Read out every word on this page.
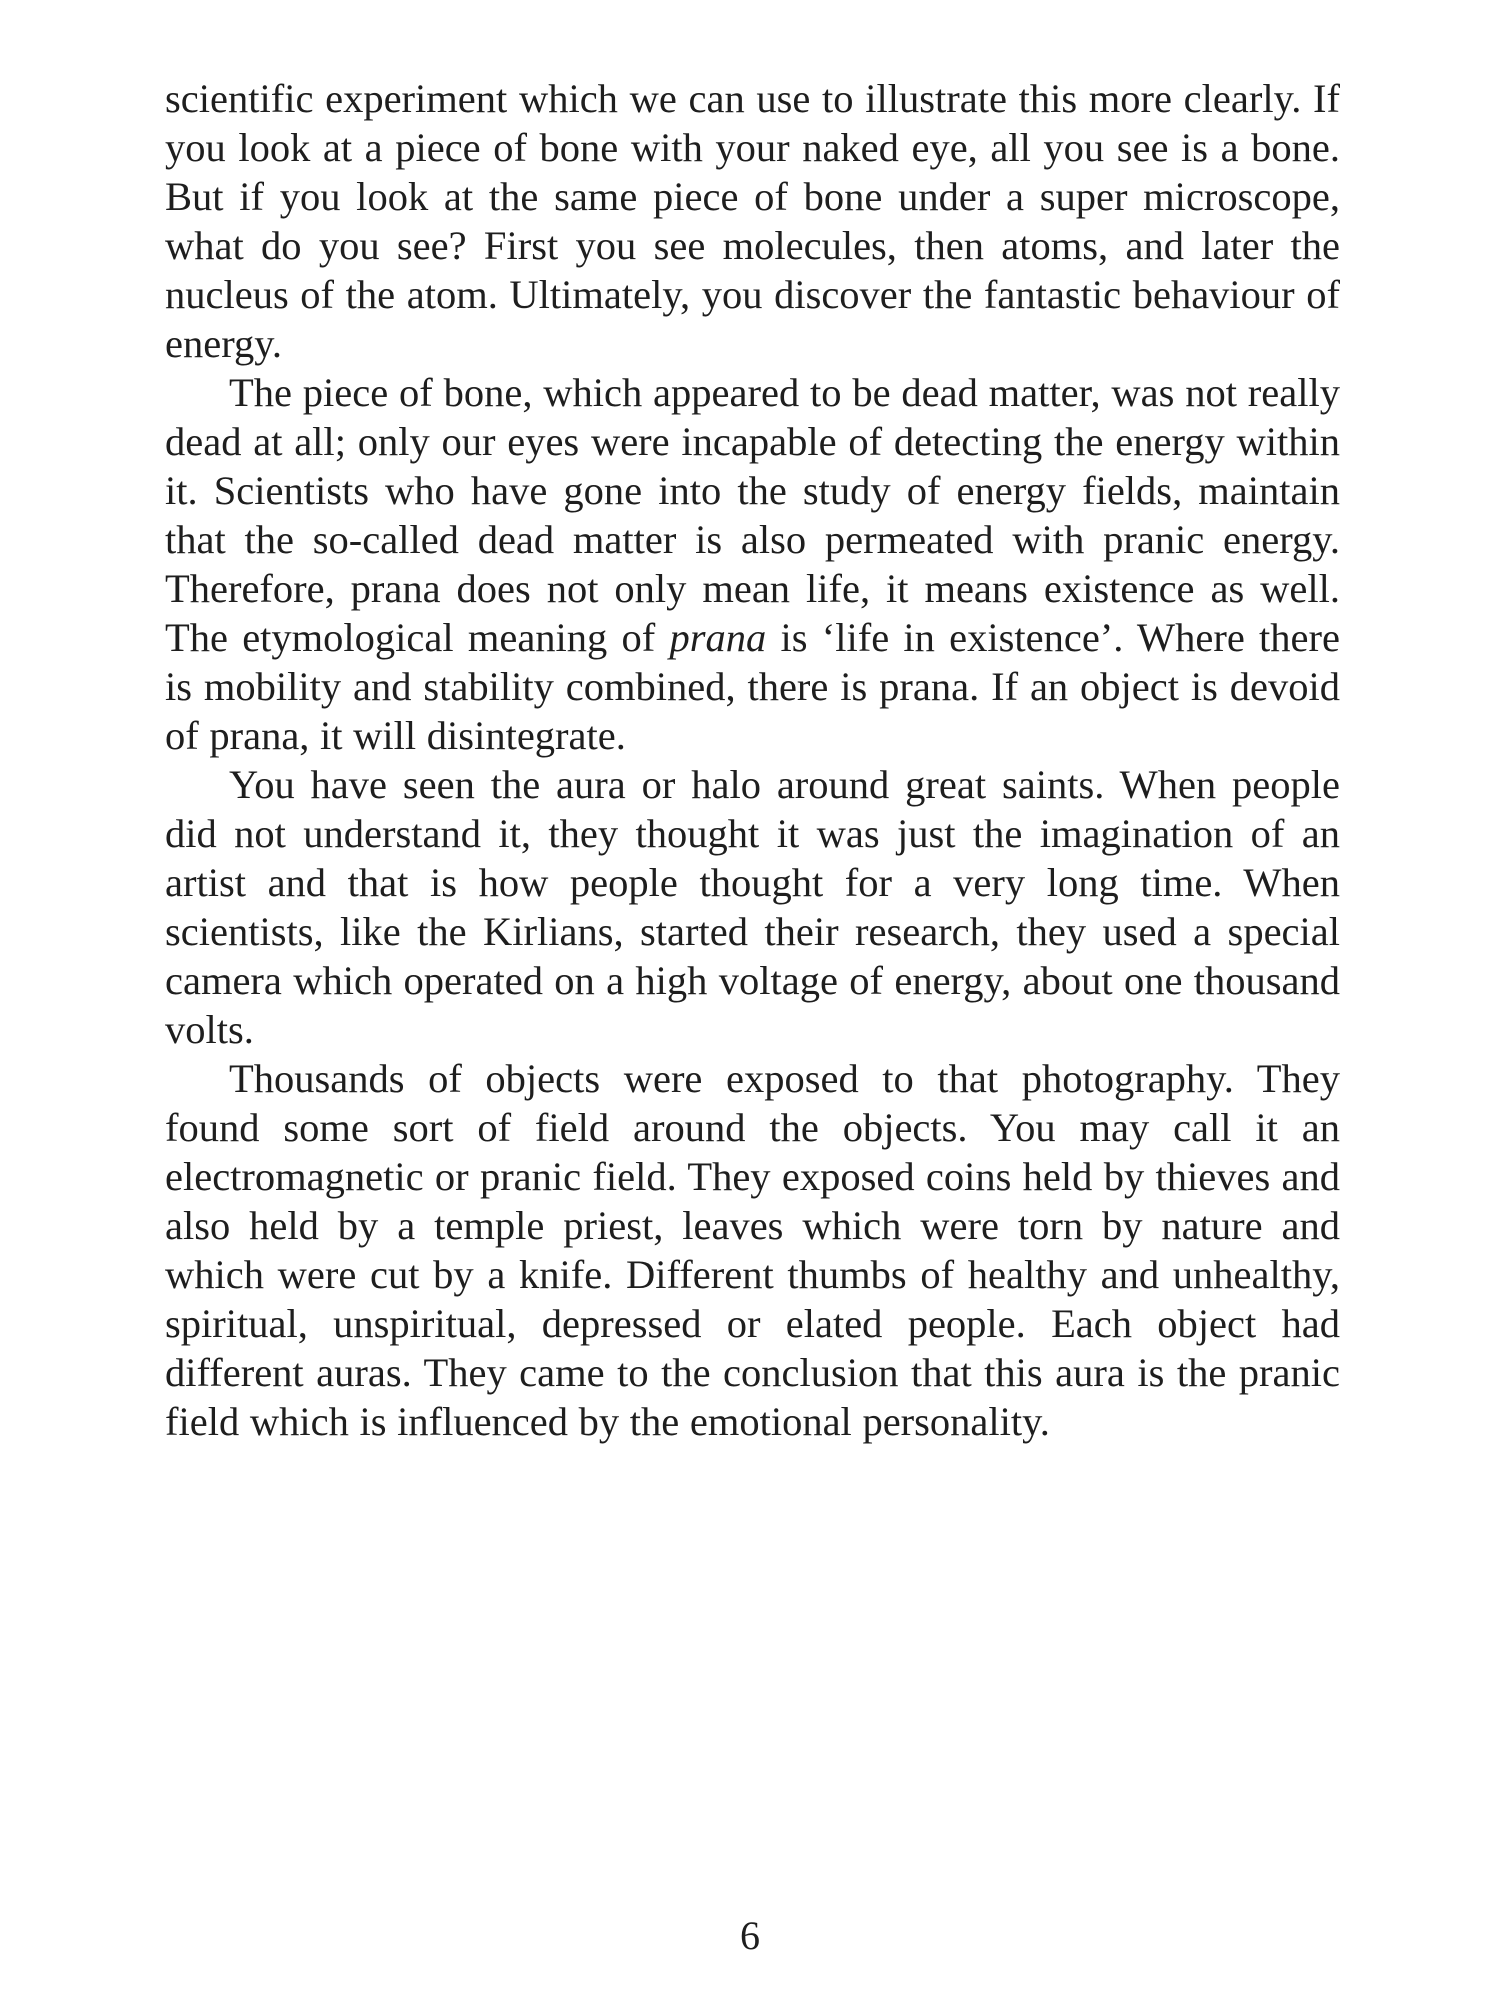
scientific experiment which we can use to illustrate this more clearly. If you look at a piece of bone with your naked eye, all you see is a bone. But if you look at the same piece of bone under a super microscope, what do you see? First you see molecules, then atoms, and later the nucleus of the atom. Ultimately, you discover the fantastic behaviour of energy.

The piece of bone, which appeared to be dead matter, was not really dead at all; only our eyes were incapable of detecting the energy within it. Scientists who have gone into the study of energy fields, maintain that the so-called dead matter is also permeated with pranic energy. Therefore, prana does not only mean life, it means existence as well. The etymological meaning of prana is ‘life in existence’. Where there is mobility and stability combined, there is prana. If an object is devoid of prana, it will disintegrate.

You have seen the aura or halo around great saints. When people did not understand it, they thought it was just the imagination of an artist and that is how people thought for a very long time. When scientists, like the Kirlians, started their research, they used a special camera which operated on a high voltage of energy, about one thousand volts.

Thousands of objects were exposed to that photography. They found some sort of field around the objects. You may call it an electromagnetic or pranic field. They exposed coins held by thieves and also held by a temple priest, leaves which were torn by nature and which were cut by a knife. Different thumbs of healthy and unhealthy, spiritual, unspiritual, depressed or elated people. Each object had different auras. They came to the conclusion that this aura is the pranic field which is influenced by the emotional personality.

6
